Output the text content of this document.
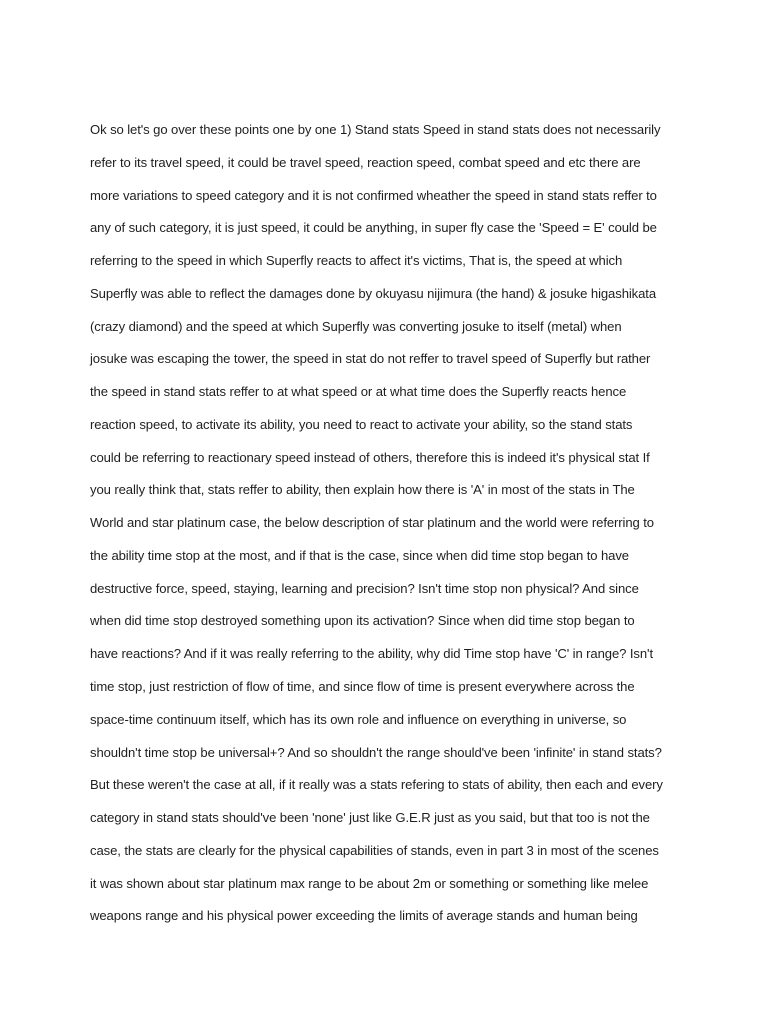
Ok so let's go over these points one by one 1) Stand stats Speed in stand stats does not necessarily
refer to its travel speed, it could be travel speed, reaction speed, combat speed and etc there are
more variations to speed category and it is not confirmed wheather the speed in stand stats reffer to
any of such category, it is just speed, it could be anything, in super fly case the 'Speed = E' could be
referring to the speed in which Superfly reacts to affect it's victims, That is, the speed at which
Superfly was able to reflect the damages done by okuyasu nijimura (the hand) & josuke higashikata
(crazy diamond) and the speed at which Superfly was converting josuke to itself (metal) when
josuke was escaping the tower, the speed in stat do not reffer to travel speed of Superfly but rather
the speed in stand stats reffer to at what speed or at what time does the Superfly reacts hence
reaction speed, to activate its ability, you need to react to activate your ability, so the stand stats
could be referring to reactionary speed instead of others, therefore this is indeed it's physical stat If
you really think that, stats reffer to ability, then explain how there is 'A' in most of the stats in The
World and star platinum case, the below description of star platinum and the world were referring to
the ability time stop at the most, and if that is the case, since when did time stop began to have
destructive force, speed, staying, learning and precision? Isn't time stop non physical? And since
when did time stop destroyed something upon its activation? Since when did time stop began to
have reactions? And if it was really referring to the ability, why did Time stop have 'C' in range? Isn't
time stop, just restriction of flow of time, and since flow of time is present everywhere across the
space-time continuum itself, which has its own role and influence on everything in universe, so
shouldn't time stop be universal+? And so shouldn't the range should've been 'infinite' in stand stats?
But these weren't the case at all, if it really was a stats refering to stats of ability, then each and every
category in stand stats should've been 'none' just like G.E.R just as you said, but that too is not the
case, the stats are clearly for the physical capabilities of stands, even in part 3 in most of the scenes
it was shown about star platinum max range to be about 2m or something or something like melee
weapons range and his physical power exceeding the limits of average stands and human being
